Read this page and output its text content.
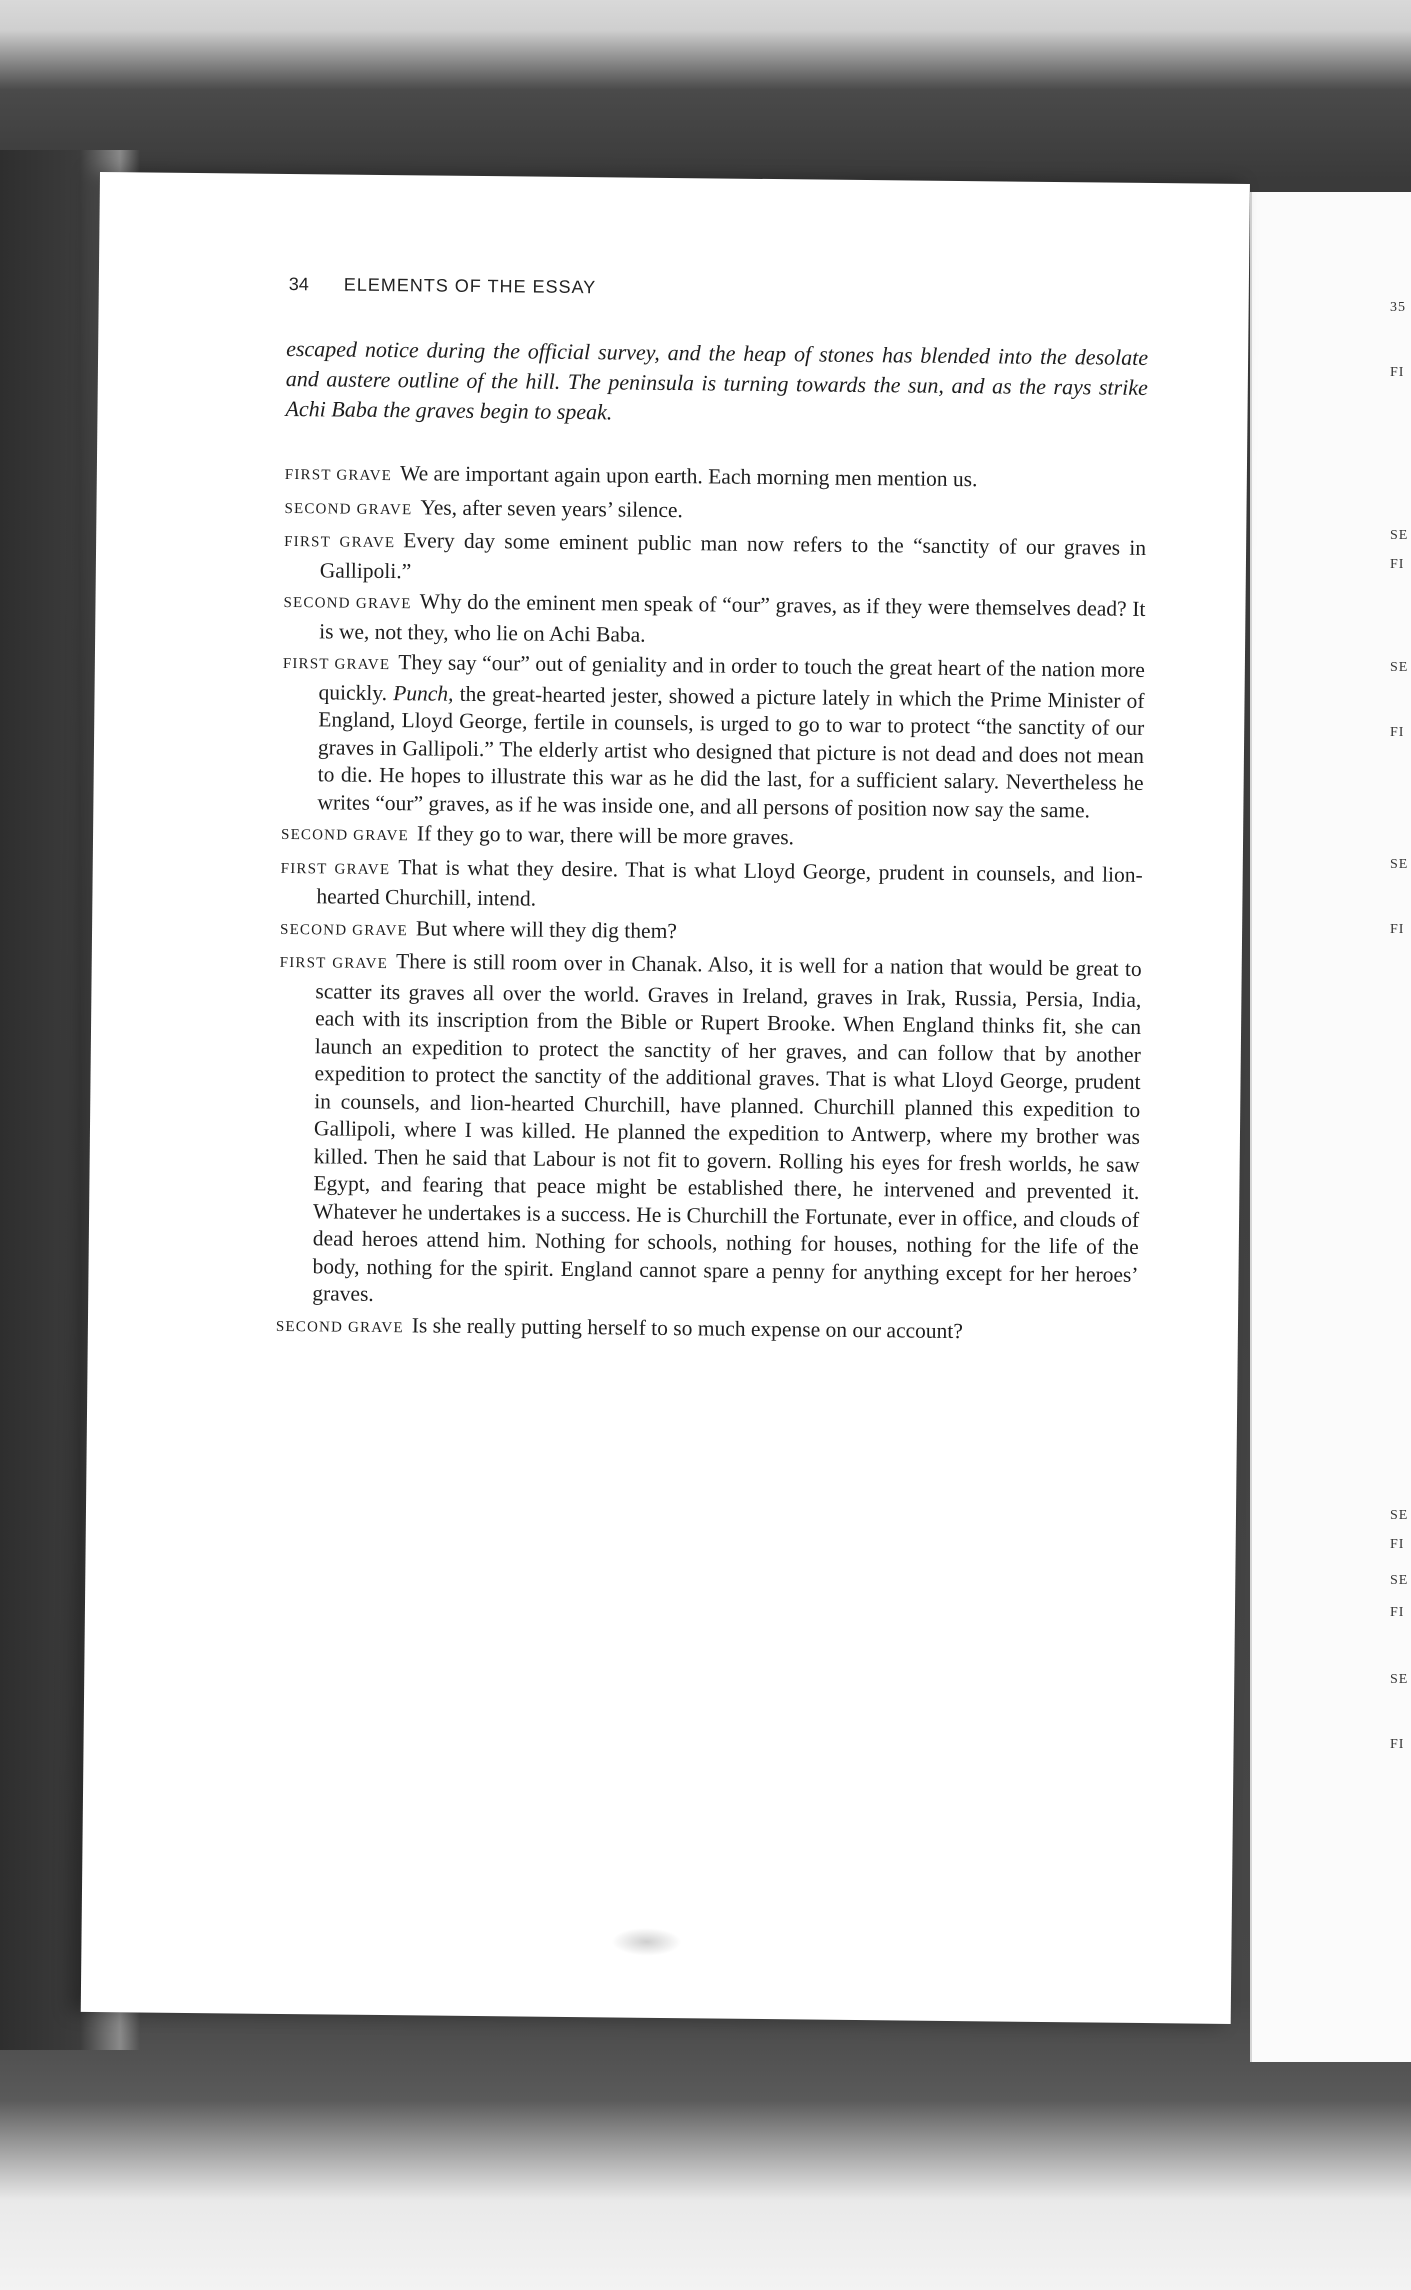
35
FI
SE
FI
SE
FI
SE
FI
SE
FI
SE
FI
SE
FI
34 ELEMENTS OF THE ESSAY
escaped notice during the official survey, and the heap of stones has blended into the desolate and austere outline of the hill. The peninsula is turning towards the sun, and as the rays strike Achi Baba the graves begin to speak.

FIRST GRAVE We are important again upon earth. Each morning men mention us.

SECOND GRAVE Yes, after seven years’ silence.

FIRST GRAVE Every day some eminent public man now refers to the “sanctity of our graves in Gallipoli.”

SECOND GRAVE Why do the eminent men speak of “our” graves, as if they were themselves dead? It is we, not they, who lie on Achi Baba.

FIRST GRAVE They say “our” out of geniality and in order to touch the great heart of the nation more quickly. Punch, the great-hearted jester, showed a picture lately in which the Prime Minister of England, Lloyd George, fertile in counsels, is urged to go to war to protect “the sanctity of our graves in Gallipoli.” The elderly artist who designed that picture is not dead and does not mean to die. He hopes to illustrate this war as he did the last, for a sufficient salary. Nevertheless he writes “our” graves, as if he was inside one, and all persons of position now say the same.

SECOND GRAVE If they go to war, there will be more graves.

FIRST GRAVE That is what they desire. That is what Lloyd George, prudent in counsels, and lion-hearted Churchill, intend.

SECOND GRAVE But where will they dig them?

FIRST GRAVE There is still room over in Chanak. Also, it is well for a nation that would be great to scatter its graves all over the world. Graves in Ireland, graves in Irak, Russia, Persia, India, each with its inscription from the Bible or Rupert Brooke. When England thinks fit, she can launch an expedition to protect the sanctity of her graves, and can follow that by another expedition to protect the sanctity of the additional graves. That is what Lloyd George, prudent in counsels, and lion-hearted Churchill, have planned. Churchill planned this expedition to Gallipoli, where I was killed. He planned the expedition to Antwerp, where my brother was killed. Then he said that Labour is not fit to govern. Rolling his eyes for fresh worlds, he saw Egypt, and fearing that peace might be established there, he intervened and prevented it. Whatever he undertakes is a success. He is Churchill the Fortunate, ever in office, and clouds of dead heroes attend him. Nothing for schools, nothing for houses, nothing for the life of the body, nothing for the spirit. England cannot spare a penny for anything except for her heroes’ graves.

SECOND GRAVE Is she really putting herself to so much expense on our account?
